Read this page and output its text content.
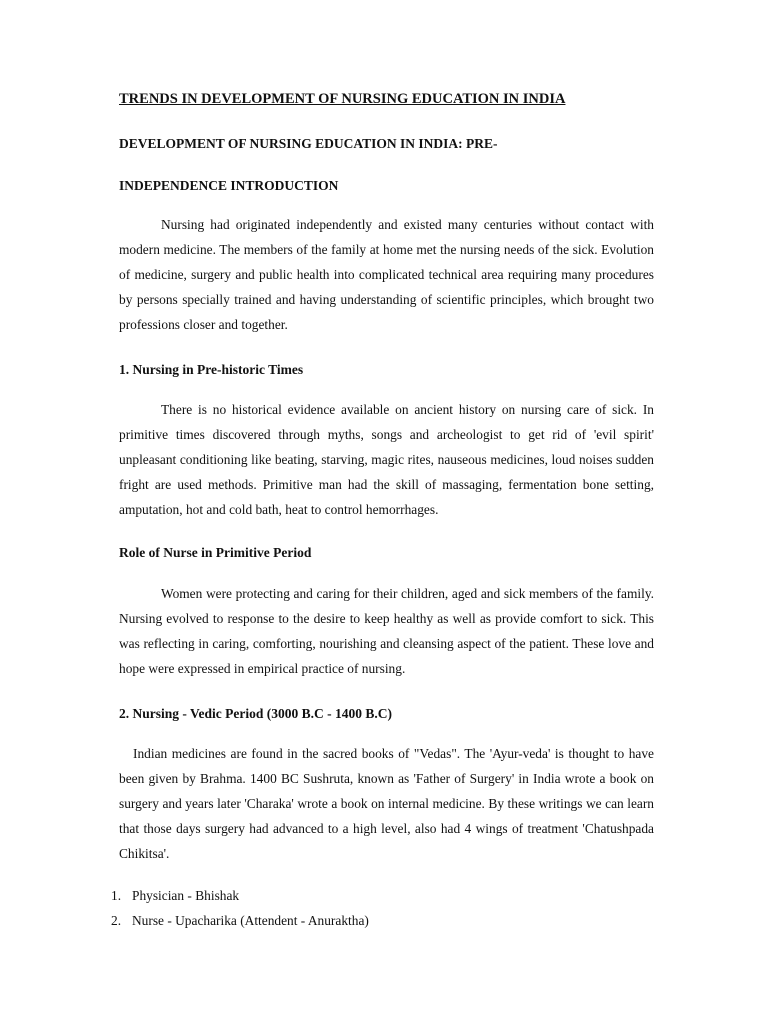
TRENDS IN DEVELOPMENT OF NURSING EDUCATION IN INDIA
DEVELOPMENT OF NURSING EDUCATION IN INDIA: PRE-
INDEPENDENCE INTRODUCTION

Nursing had originated independently and existed many centuries without contact with modern medicine. The members of the family at home met the nursing needs of the sick. Evolution of medicine, surgery and public health into complicated technical area requiring many procedures by persons specially trained and having understanding of scientific principles, which brought two professions closer and together.

1. Nursing in Pre-historic Times

There is no historical evidence available on ancient history on nursing care of sick. In primitive times discovered through myths, songs and archeologist to get rid of 'evil spirit' unpleasant conditioning like beating, starving, magic rites, nauseous medicines, loud noises sudden fright are used methods. Primitive man had the skill of massaging, fermentation bone setting, amputation, hot and cold bath, heat to control hemorrhages.

Role of Nurse in Primitive Period

Women were protecting and caring for their children, aged and sick members of the family. Nursing evolved to response to the desire to keep healthy as well as provide comfort to sick. This was reflecting in caring, comforting, nourishing and cleansing aspect of the patient. These love and hope were expressed in empirical practice of nursing.

2. Nursing - Vedic Period (3000 B.C - 1400 B.C)

Indian medicines are found in the sacred books of "Vedas". The 'Ayur-veda' is thought to have been given by Brahma. 1400 BC Sushruta, known as 'Father of Surgery' in India wrote a book on surgery and years later 'Charaka' wrote a book on internal medicine. By these writings we can learn that those days surgery had advanced to a high level, also had 4 wings of treatment 'Chatushpada Chikitsa'.

1. Physician - Bhishak
2. Nurse - Upacharika (Attendent - Anuraktha)
